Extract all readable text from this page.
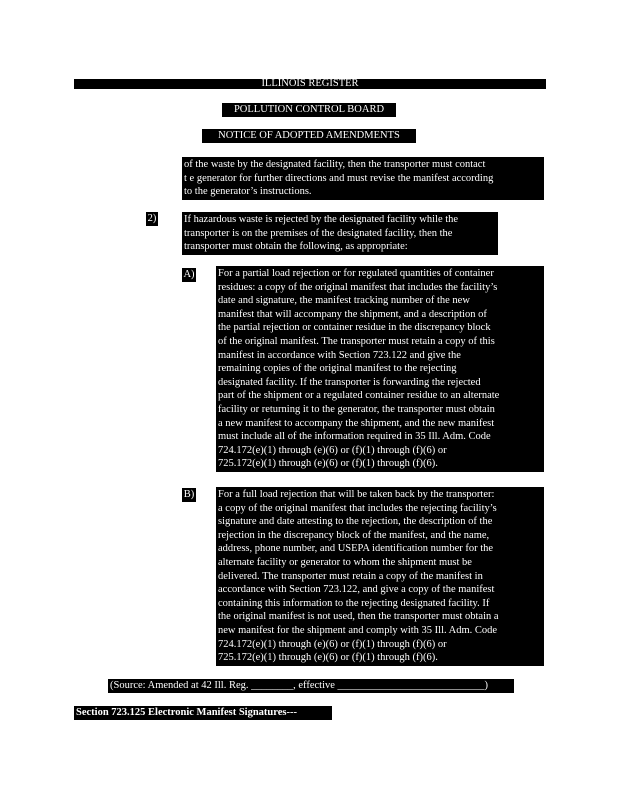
ILLINOIS REGISTER
POLLUTION CONTROL BOARD
NOTICE OF ADOPTED AMENDMENTS
of the waste by the designated facility, then the transporter must contact
t e generator for further directions and must revise the manifest according
to the generator’s instructions.
2)	If hazardous waste is rejected by the designated facility while the
transporter is on the premises of the designated facility, then the
transporter must obtain the following, as appropriate:
A) For a partial load rejection or for regulated quantities of container
residues: a copy of the original manifest that includes the facility’s
date and signature, the manifest tracking number of the new
manifest that will accompany the shipment, and a description of
the partial rejection or container residue in the discrepancy block
of the original manifest. The transporter must retain a copy of this
manifest in accordance with Section 723.122 and give the
remaining copies of the original manifest to the rejecting
designated facility. If the transporter is forwarding the rejected
part of the shipment or a regulated container residue to an alternate
facility or returning it to the generator, the transporter must obtain
a new manifest to accompany the shipment, and the new manifest
must include all of the information required in 35 Ill. Adm. Code
724.172(e)(1) through (e)(6) or (f)(1) through (f)(6) or
725.172(e)(1) through (e)(6) or (f)(1) through (f)(6).
B) For a full load rejection that will be taken back by the transporter:
a copy of the original manifest that includes the rejecting facility’s
signature and date attesting to the rejection, the description of the
rejection in the discrepancy block of the manifest, and the name,
address, phone number, and USEPA identification number for the
alternate facility or generator to whom the shipment must be
delivered. The transporter must retain a copy of the manifest in
accordance with Section 723.122, and give a copy of the manifest
containing this information to the rejecting designated facility. If
the original manifest is not used, then the transporter must obtain a
new manifest for the shipment and comply with 35 Ill. Adm. Code
724.172(e)(1) through (e)(6) or (f)(1) through (f)(6) or
725.172(e)(1) through (e)(6) or (f)(1) through (f)(6).
(Source: Amended at 42 Ill. Reg. ________, effective ____________________________)
Section 723.125 Electronic Manifest Signatures---
